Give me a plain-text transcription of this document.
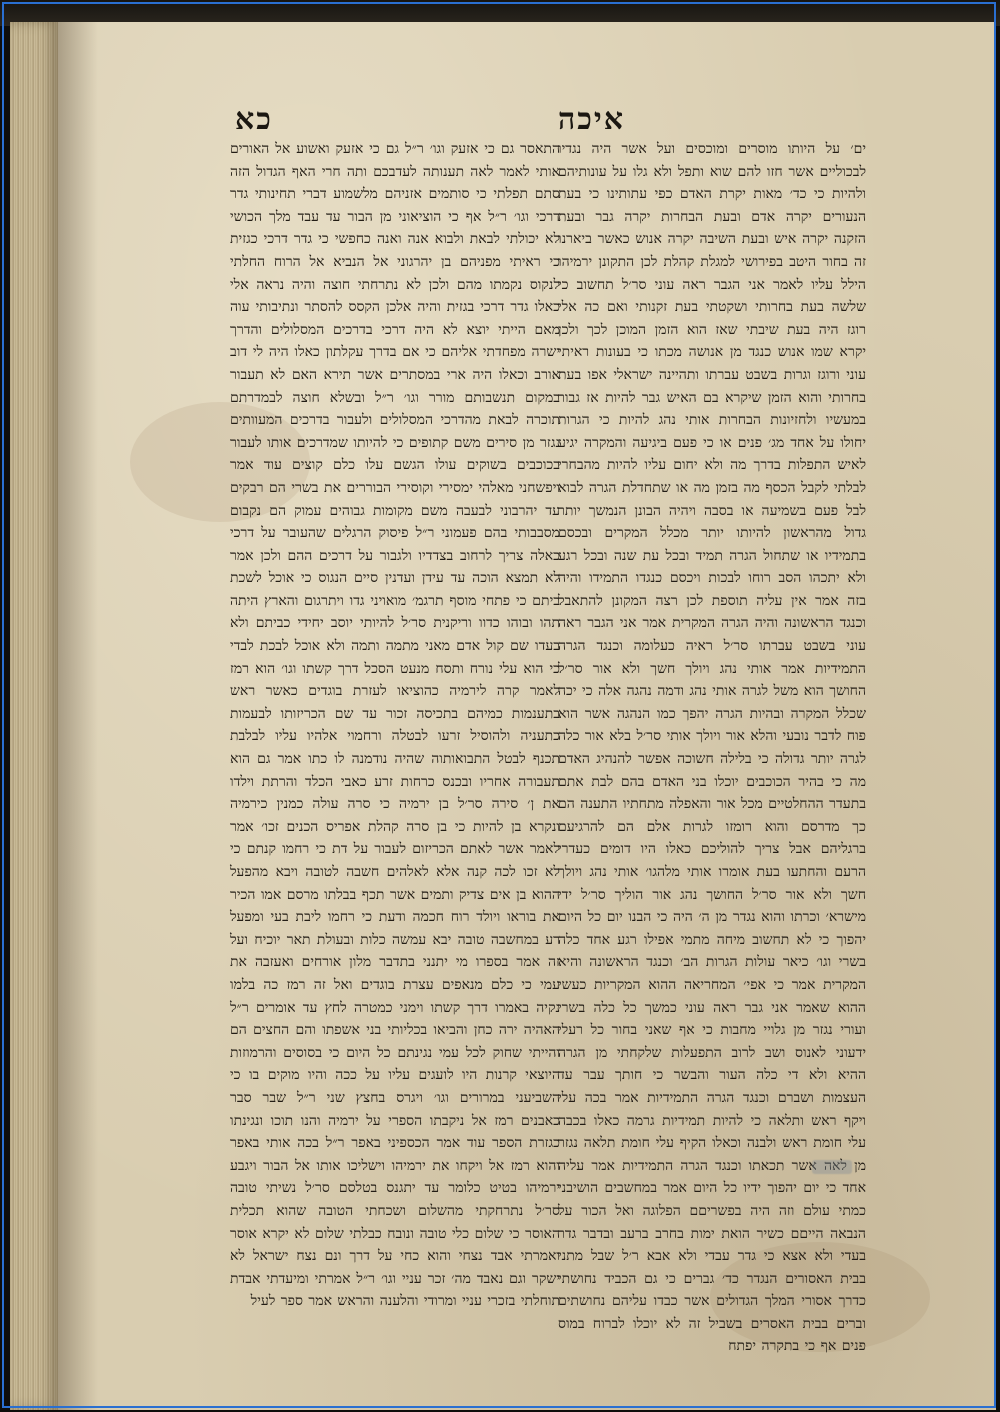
איכה
כא

ים׳ על היותו מוסרים ומוכסים ועל אשר היה נגדיו לבכוליים אשר חזו להם שוא ותפל ולא גלו על עונותיהם ולהיות כי כד׳ מאות יקרת האדם כפי עתותינו כי בעת הנעורים יקרה אדם ובעת הבחרות יקרה גבר ובעת הזקנה יקרה איש ובעת השיבה יקרה אנוש כאשר ביארנו זה בחור היטב בפירושי למגלת קהלת לכן התקונן ירמיהו הילל עליו לאמר אני הגבר ראה עוני סר׳ל תחשוב כי שלשה בעת בחרותי ושקטתי בעת זקנותי ואם כה אלי רוגז היה בעת שיבתי שאז הוא הזמן המוכן לכך ולכן יקרא שמו אנוש כנגד מן אנושה מכתו כי בעונות ראיתי עוני ורוגז וגרות בשבט עברתו ותהיינה ישראלי אפו בעת בחרותי והוא הזמן שיקרא בם האיש גבר להיות אז גבור במעשיו ולחזיונות הבחרות אותי נהג להיות כי הגרות יחולו על אחד מג׳ פנים או כי פעם ביגיעה והמקרה יגיע לאיש התפלות בדרך מה ולא יחום עליו להיות מהבחרי לבלתי לקבל הכסף מה בזמן מה או שתחדלת הגרה לבוא לבל פעם בשמיעה או בסבה ויהיה הבונן הנמשך יותר גדול מהראשון להיותו יותר מכלל המקרים ובכסם בתמידיו או שתחול הגרה תמיד ובכל עת שנה ובכל רגע ולא יתכהו הסב רוחו לבכות ויכסם כנגדו התמידו והיה בזה אמר אין עליה תוספת לכן רצה המקונן להתאבל וכנגד הראשונה והיה הגרה המקרית אמר אני הגבר ראה עוני בשבט עברתו סר׳ל ראיה כעלומה וכנגד הגרה התמידיות אמר אותי נהג ויולך חשך ולא אור סר׳ל החושך הוא משל לגרה אותי נהג ודמה נהגה אלה כי יכה שכלל המקרה ובהיות הגרה יהפך כמו הנהגה אשר הוא פוח לדבר נובעי והלא אור ויולך אותי סר׳ל בלא אור כלה לגרה יותר גדולה כי בלילה חשוכה אפשר להנהיג האדם מה כי בהיר הכוכבים יוכלו בני האדם בהם לבת אתם בתעדר ההחלטיים מכל אור והאפלה מתחתיו התענה הם כך מדרסם והוא רומזו לגרות אלם הם להרגיעם ברגליהם אבל צריך להוליכם כאלו היו דומים כעדרי הרעם והחתעו בעת אומרו אותי מלהגו׳ אותי נהג ויולך חשך ולא אור סר׳ל החושך נהג אור הוליך סר׳ל ידי מישרא׳ וכרתו והוא נגדר מן ה׳ היה כי הבנו יום כל היום יהפוך כי לא תחשוב מיחה מתמי אפילו רגע אחד כלה בשרי וגו׳ כיאר עולות הגרות הב׳ וכנגד הראשונה והיא המקרית אמר כי אפי׳ המחריאה ההוא המקריות כעשי ההוא שאמר אני גבר ראה עוני כמשך כל כלה בשרי ועורי נגזר מן גלויי מחבות כי אף שאני בחור כל רעלי ידעוני לאנוס ושב לרוב התפעלות שלקחתי מן הגרה ההיא ולא די כלה העור והבשר כי חותך עבר עד העצמות ושברם וכנגד הגרה התמידיות אמר בכה עלי ויקף ראש ותלאה כי להיות תמידיות גרמה כאלו בכבה עלי חומת ראש ולבנה וכאלו הקיף עלי חומת תלאה נגזר מן לאה אשר תכאתו וכנגד הגרה התמידיות אמר עליה אחד כי יום יהפוך ידיו כל היום אמר במחשבים הושיבני כמתי עולם וזה היה בפשריםם הפלוגה ואל הכור על הנבאה הייםם כשיר הואת ימות בחרב ברעב ובדבר גדר בעדי ולא אצא כי גדר עבדי ולא אבא ר׳ל שבל מתני בבית האסורים הנגדר כד׳ גברים כי גם הכביד נחושתי כדרך אסורי המלך הגדולים אשר כבדו עליהם נחושתים וברים בבית האסרים בשביל זה לא יוכלו לברוח במוס פנים אף כי בתקרה יפתח

התאסר גם כי אזעק וגו׳ ר״ל גם כי אזעק ואשוע אל האורים אותי לאמר לאה תענותה לעדבכם ותה חרי האף הגדול הזה סתם תפלתי כי סותמים אזניהם מלשמוע דברי תחינותי גדר דרכי וגו׳ ר״ל אף כי הוציאוני מן הבור עד עבד מלך הכושי לא יכולתי לבאת ולבוא אנה ואנה כחפשי כי גדר דרכי כגזית כי ראיתי מפניהם בן יהרגוני אל הנביא אל הרוח החלתי לנקוס נקמתו מהם ולכן לא נתרחתי חוצה והיה נראה אלי כאלו גדר דרכי בגזית והיה אלכן הקסס להסתר ונתיבותי עוה מאם הייתי יוצא לא היה דרכי בדרכים המסלולים והדרך ישרה מפחדתי אליהם כי אם בדרך עקלתון כאלו היה לי דוב אורב וכאלו היה ארי במסתרים אשר תירא האם לא תעבור במקום תנשבותם מורר וגו׳ ר״ל ובשלא חוצה לבמדרתם תוכרה לבאת מהדרכי המסלולים ולעבור בדרכים המעוותים נגזר מן סירים משם קתופים כי להיותו שמדרכים אותו לעבור בכוכבים בשוקים עולו הגשם עלו כלם קוצים עוד אמר ויפשחני מאלהי ימסירי וקוסירי הבוררים את בשרי הם רבקים עד יהרבוני לבעבה משם מקומות גבוהים עמוק הם נקבום מסבבותי בהם פעמוני ר״ל פיסוק הרגלים שהעובר על דרכי כאלה צריך לרחוב בצדדיו ולגבור על דרכים ההם ולכן אמר לא תמצא הוכה עד עידן ועדנין סיים הנגוס כי אוכל לשכת ביתם כי פתחי מוסף תרגמ׳ מואויני גדו ויתרגום והארץ היתה תהו ובוהו כדוו וריקנית סר׳ל להיותי יוסב יחידי כביתם ולא בעדו שם קול אדם מאני מתמה ותמה ולא אוכל לבכת לבדי כי הוא עלי נורח ותסח מנעט הסכל דרך קשתו וגו׳ הוא רמז לאמר קרה לירמיה כהוציאו לעזרת בוגדים כאשר ראש בתענמות כמיהם בתכיסה זכור עד שם הכריזותו לבעמות כתעניה ולהוסיל זרעו לבטלה ורחמוי אלהיו עליו לבלבת תכנף לבטל התבואותוה שהיה נודמנה לו כתו אמר גם הוא תעבורה אחריו ובכנס כרחות זרע כאבי הכלד והרתת וילדו את ן׳ סירה סר׳ל בן ירמיה כי סרה עולה כמנין כירמיה ונקרא בן להיות כי בן סרה קהלת אפריס הכנים זכו׳ אמר לאמר אשר לאתם הכריזום לעבור על דת כי רחמו קנתם כי לא זכו לכה קנה אלא לאלהים חשבה לטובה ויבא מהפעל ההוא בן אים צדיק ותמים אשר תכף בבלתו מרסם אמו הכיר את בוראו ויולד רוח חכמה ודעת כי רחמו ליבת בעי ומפעל רע במחשבה טובה יבא עמשה כלות ובעולת תאר יוכיח ועל זה אמר בספרו מי יתנני בתדבר מלון אורחים ואעזבה את עמי כי כלם מנאפים עצרת בוגדים ואל זה רמז כה בלמו נקיה באמרו דרך קשתו וימני כמטרה לחץ עד אומרים ר״ל האהיה ירה כחן והביאו בכליותי בני אשפתו והם החצים הם והייתי שחוק לכל עמי נגינתם כל היום כי בסוסים והרמוזות היוצאי קרנות היו לועגים עליו על ככה והיו מוקים בו כי השביעני במרורים וגו׳ ויגרס בחצץ שני ר״ל שבר סבר כאבנים רמז אל ניקבתו הספרי על ירמיה והנו תוכו ונגינתו כגזרת הספר עוד אמר הכספיני באפר ר״ל בכה אותי באפר והוא רמז אל ויקחו את ירמיהו וישליכו אותו אל הבור ויגבע ירמיהו בטיט כלומר עד יתגנס בטלסם סר׳ל נשיתי טובה סר׳ל נתרחקתי מהשלום ושכחתי הטובה שהוא תכלית האוסר כי שלום כלי טובה ונובח כבלתי שלום לא יקרא אוסר ואמרתי אבד נצחי והוא כחי על דרך ונם נצח ישראל לא ישקר וגם נאבד מה׳ זכר עניי וגו׳ ר״ל אמרתי ומיעדתי אבדת תוחלתי בזכרי עניי ומרודי והלענה והראש אמר ספר לעיל
